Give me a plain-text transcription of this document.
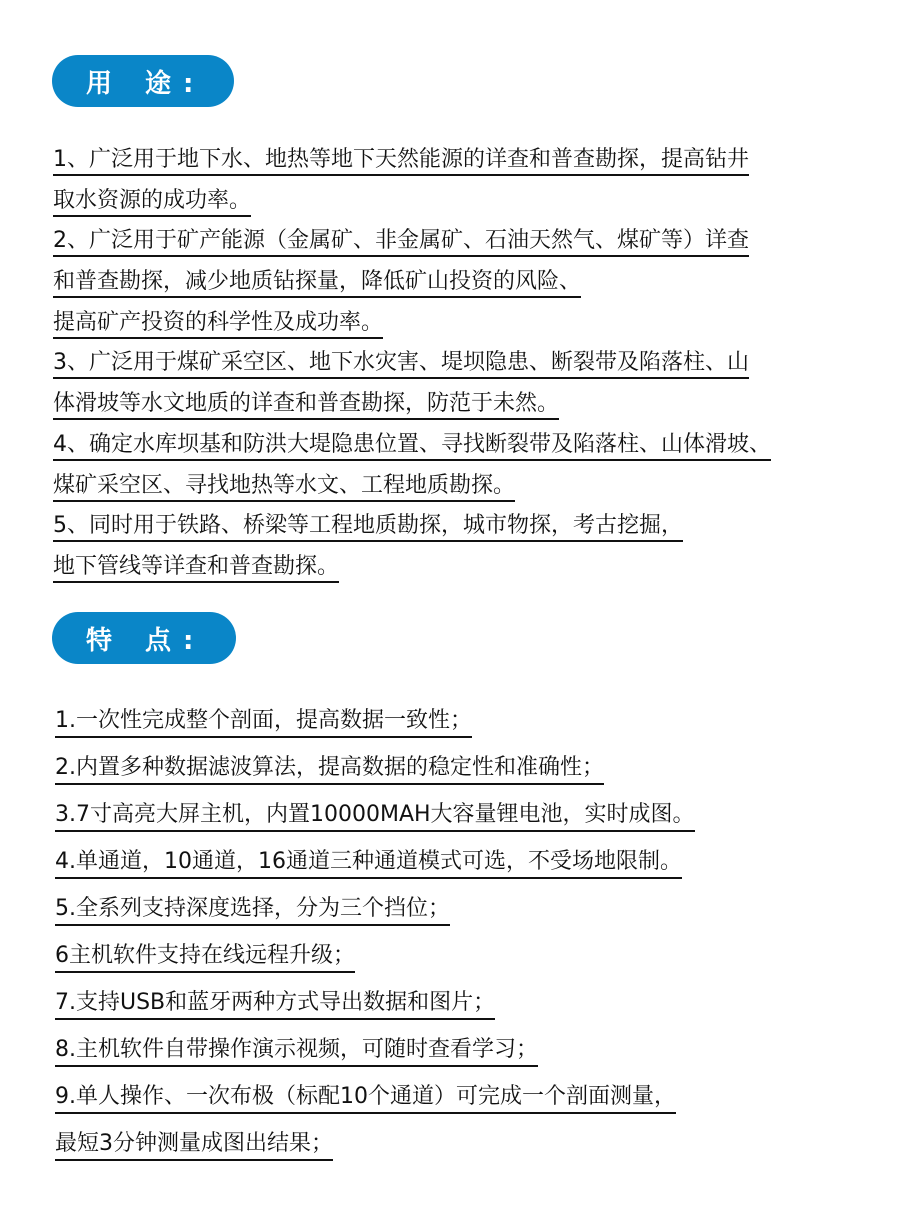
用 途:
1、广泛用于地下水、地热等地下天然能源的详查和普查勘探，提高钻井
取水资源的成功率。
2、广泛用于矿产能源（金属矿、非金属矿、石油天然气、煤矿等）详查
和普查勘探，减少地质钻探量，降低矿山投资的风险、
提高矿产投资的科学性及成功率。
3、广泛用于煤矿采空区、地下水灾害、堤坝隐患、断裂带及陷落柱、山
体滑坡等水文地质的详查和普查勘探，防范于未然。
4、确定水库坝基和防洪大堤隐患位置、寻找断裂带及陷落柱、山体滑坡、
煤矿采空区、寻找地热等水文、工程地质勘探。
5、同时用于铁路、桥梁等工程地质勘探，城市物探，考古挖掘，
地下管线等详查和普查勘探。
特 点:
1.一次性完成整个剖面，提高数据一致性；
2.内置多种数据滤波算法，提高数据的稳定性和准确性；
3.7寸高亮大屏主机，内置10000MAH大容量锂电池，实时成图。
4.单通道，10通道，16通道三种通道模式可选，不受场地限制。
5.全系列支持深度选择，分为三个挡位；
6主机软件支持在线远程升级；
7.支持USB和蓝牙两种方式导出数据和图片；
8.主机软件自带操作演示视频，可随时查看学习；
9.单人操作、一次布极（标配10个通道）可完成一个剖面测量，
最短3分钟测量成图出结果；
